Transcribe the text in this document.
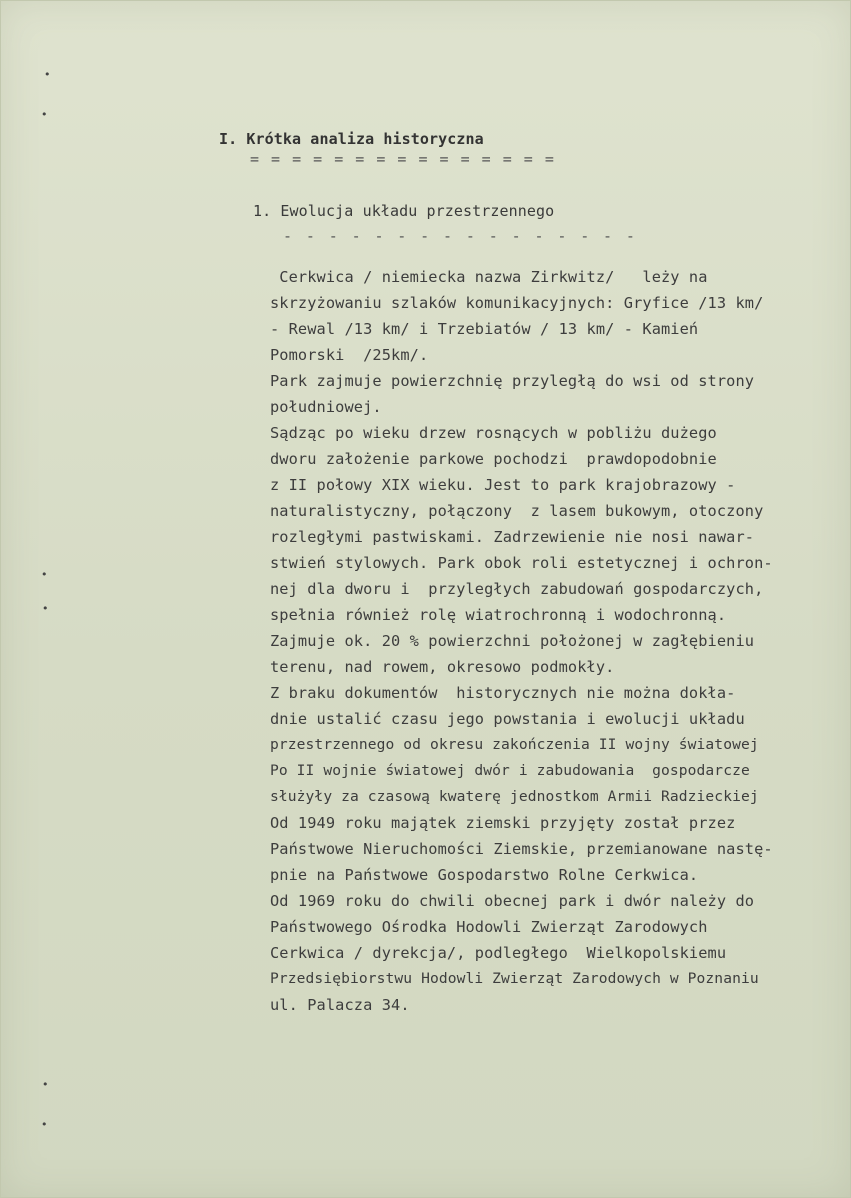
•
•
•
•
•
•
I. Krótka analiza historyczna
= = = = = = = = = = = = = = =
1. Ewolucja układu przestrzennego
- - - - - - - - - - - - - - - -
Cerkwica / niemiecka nazwa Zirkwitz/   leży na
skrzyżowaniu szlaków komunikacyjnych: Gryfice /13 km/
- Rewal /13 km/ i Trzebiatów / 13 km/ - Kamień
Pomorski  /25km/.
Park zajmuje powierzchnię przyległą do wsi od strony
południowej.
Sądząc po wieku drzew rosnących w pobliżu dużego
dworu założenie parkowe pochodzi  prawdopodobnie
z II połowy XIX wieku. Jest to park krajobrazowy -
naturalistyczny, połączony  z lasem bukowym, otoczony
rozległymi pastwiskami. Zadrzewienie nie nosi nawar-
stwień stylowych. Park obok roli estetycznej i ochron-
nej dla dworu i  przyległych zabudowań gospodarczych,
spełnia również rolę wiatrochronną i wodochronną.
Zajmuje ok. 20 % powierzchni położonej w zagłębieniu
terenu, nad rowem, okresowo podmokły.
Z braku dokumentów  historycznych nie można dokła-
dnie ustalić czasu jego powstania i ewolucji układu
przestrzennego od okresu zakończenia II wojny światowej
Po II wojnie światowej dwór i zabudowania  gospodarcze
służyły za czasową kwaterę jednostkom Armii Radzieckiej
Od 1949 roku majątek ziemski przyjęty został przez
Państwowe Nieruchomości Ziemskie, przemianowane nastę-
pnie na Państwowe Gospodarstwo Rolne Cerkwica.
Od 1969 roku do chwili obecnej park i dwór należy do
Państwowego Ośrodka Hodowli Zwierząt Zarodowych
Cerkwica / dyrekcja/, podległego  Wielkopolskiemu
Przedsiębiorstwu Hodowli Zwierząt Zarodowych w Poznaniu
ul. Palacza 34.
